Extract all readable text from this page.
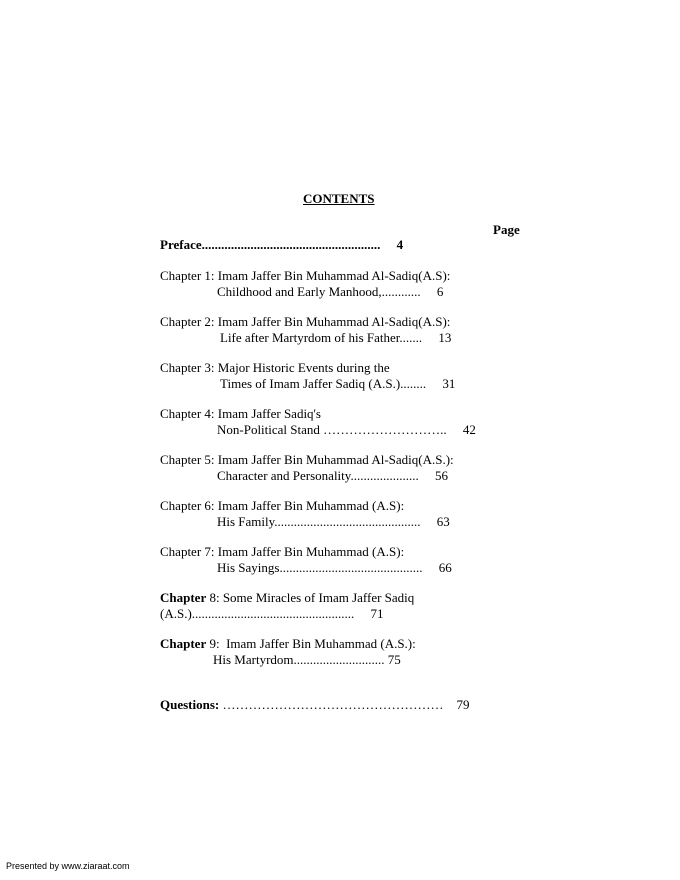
CONTENTS
Page
Preface.......................................................     4
Chapter 1: Imam Jaffer Bin Muhammad Al-Sadiq(A.S):
Childhood and Early Manhood,............     6
Chapter 2: Imam Jaffer Bin Muhammad Al-Sadiq(A.S):
Life after Martyrdom of his Father.......     13
Chapter 3: Major Historic Events during the
Times of Imam Jaffer Sadiq (A.S.)........     31
Chapter 4: Imam Jaffer Sadiq's
Non-Political Stand ………………………..     42
Chapter 5: Imam Jaffer Bin Muhammad Al-Sadiq(A.S.):
Character and Personality.....................     56
Chapter 6: Imam Jaffer Bin Muhammad (A.S):
His Family.............................................     63
Chapter 7: Imam Jaffer Bin Muhammad (A.S):
His Sayings............................................     66
Chapter 8: Some Miracles of Imam Jaffer Sadiq
(A.S.)..................................................     71
Chapter 9:  Imam Jaffer Bin Muhammad (A.S.):
His Martyrdom............................ 75
Questions: ……………………………………………    79
Presented by www.ziaraat.com
